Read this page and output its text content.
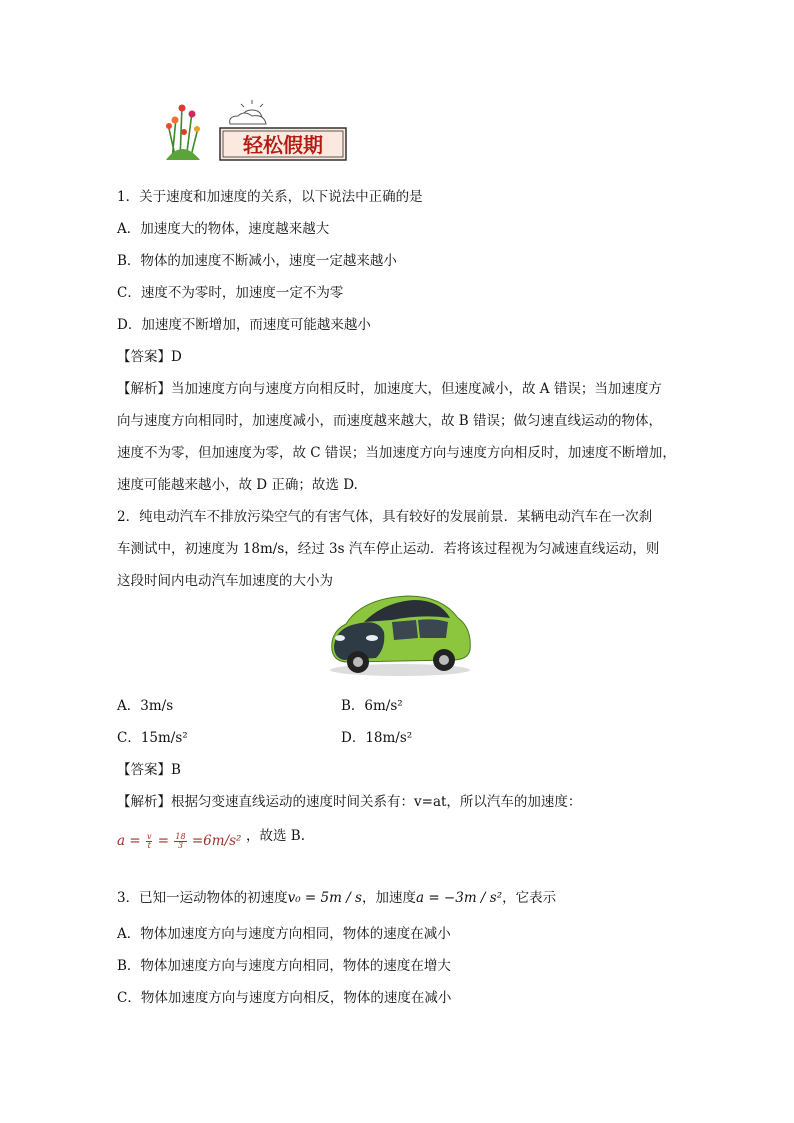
轻松假期
1．关于速度和加速度的关系，以下说法中正确的是
A．加速度大的物体，速度越来越大
B．物体的加速度不断减小，速度一定越来越小
C．速度不为零时，加速度一定不为零
D．加速度不断增加，而速度可能越来越小
【答案】D
【解析】当加速度方向与速度方向相反时，加速度大，但速度减小，故 A 错误；当加速度方
向与速度方向相同时，加速度减小，而速度越来越大，故 B 错误；做匀速直线运动的物体，
速度不为零，但加速度为零，故 C 错误；当加速度方向与速度方向相反时，加速度不断增加，
速度可能越来越小，故 D 正确；故选 D.
2．纯电动汽车不排放污染空气的有害气体，具有较好的发展前景．某辆电动汽车在一次刹
车测试中，初速度为 18m/s，经过 3s 汽车停止运动．若将该过程视为匀减速直线运动，则
这段时间内电动汽车加速度的大小为
A．3m/s	B．6m/s²
C．15m/s²	D．18m/s²
【答案】B
【解析】根据匀变速直线运动的速度时间关系有：v=at，所以汽车的加速度：
$a = \frac{v}{t} = \frac{18}{3} =6m/s^2$ ，故选 B.
3．已知一运动物体的初速度v₀ = 5m / s，加速度a = −3m / s²，它表示
A．物体加速度方向与速度方向相同，物体的速度在减小
B．物体加速度方向与速度方向相同，物体的速度在增大
C．物体加速度方向与速度方向相反，物体的速度在减小
